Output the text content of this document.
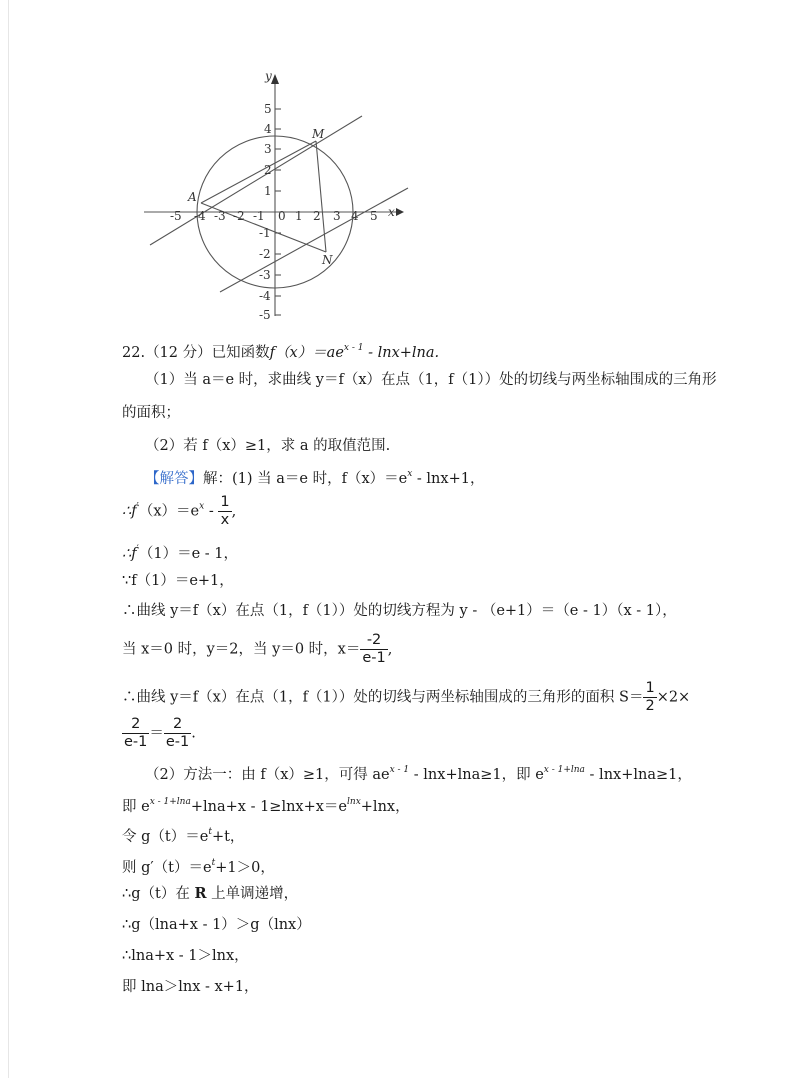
y
x
-5 -4 -3 -2 -1 0 1 2 3 4 5
5
4
3
2
1
-1
-2
-3
-4
-5
A
M
N
22.（12 分）已知函数$f(x)=ae^{x - 1} - \ln x+\ln a$.
（1）当 a＝e 时，求曲线 y＝f（x）在点（1，f（1））处的切线与两坐标轴围成的三角形
的面积；
（2）若 f（x）≥1，求 a 的取值范围.
【解答】解：(1) 当 a＝e 时，$f(x)=e^x - \ln x+1$，
$\therefore f'(x)=e^x - \frac{1}{x}$ ,
∴f′（1）＝e - 1，
∵f（1）＝e+1，
∴曲线 y＝f（x）在点（1，f（1））处的切线方程为 y - （e+1）＝（e - 1）（x - 1），
当 x＝0 时，y＝2，当 y＝0 时，$x= \frac{-2}{e-1}$ ,
∴曲线 y＝f（x）在点（1，f（1））处的切线与两坐标轴围成的三角形的面积 $S= \frac{1}{2} \times 2\times$
$\frac{2}{e-1} = \frac{2}{e-1}$ .
（2）方法一：由 f（x）≥1，可得 $ae^{x - 1} - \ln x+\ln a\ge 1$，即 $e^{x - 1+lna} - \ln x+\ln a\ge 1$，
即 $e^{x - 1+lna}+\ln a+x - 1\ge\ln x+x=e^{lnx}+\ln x$，
令 $g(t)=e^t+t$，
则 $g'(t)=e^t+1>0$，
∴g（t）在 R 上单调递增，
∴g（lna+x - 1）＞g（lnx）
∴lna+x - 1＞lnx，
即 lna＞lnx - x+1，
